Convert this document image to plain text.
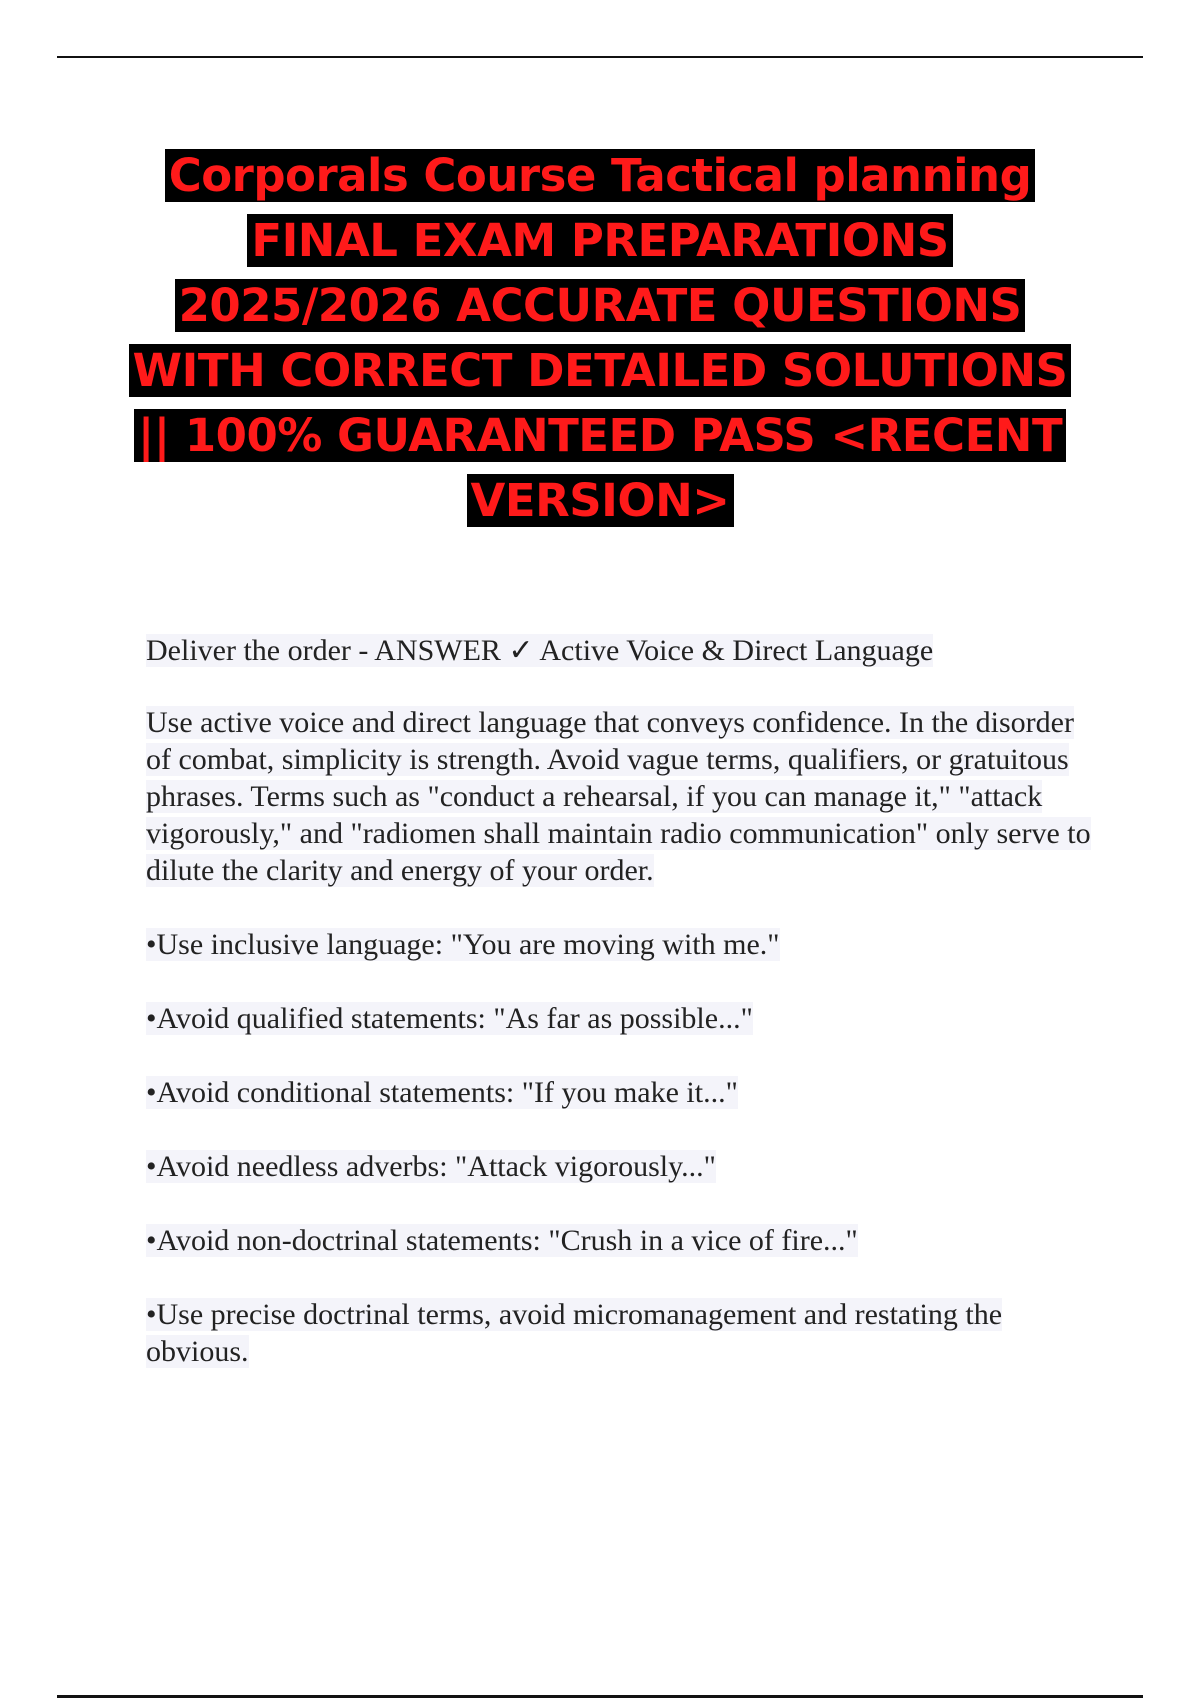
Corporals Course Tactical planning
FINAL EXAM PREPARATIONS
2025/2026 ACCURATE QUESTIONS
WITH CORRECT DETAILED SOLUTIONS
|| 100% GUARANTEED PASS <RECENT
VERSION>

Deliver the order - ANSWER ✓ Active Voice & Direct Language

Use active voice and direct language that conveys confidence. In the disorder of combat, simplicity is strength. Avoid vague terms, qualifiers, or gratuitous phrases. Terms such as "conduct a rehearsal, if you can manage it," "attack vigorously," and "radiomen shall maintain radio communication" only serve to dilute the clarity and energy of your order.

•Use inclusive language: "You are moving with me."

•Avoid qualified statements: "As far as possible..."

•Avoid conditional statements: "If you make it..."

•Avoid needless adverbs: "Attack vigorously..."

•Avoid non-doctrinal statements: "Crush in a vice of fire..."

•Use precise doctrinal terms, avoid micromanagement and restating the obvious.
